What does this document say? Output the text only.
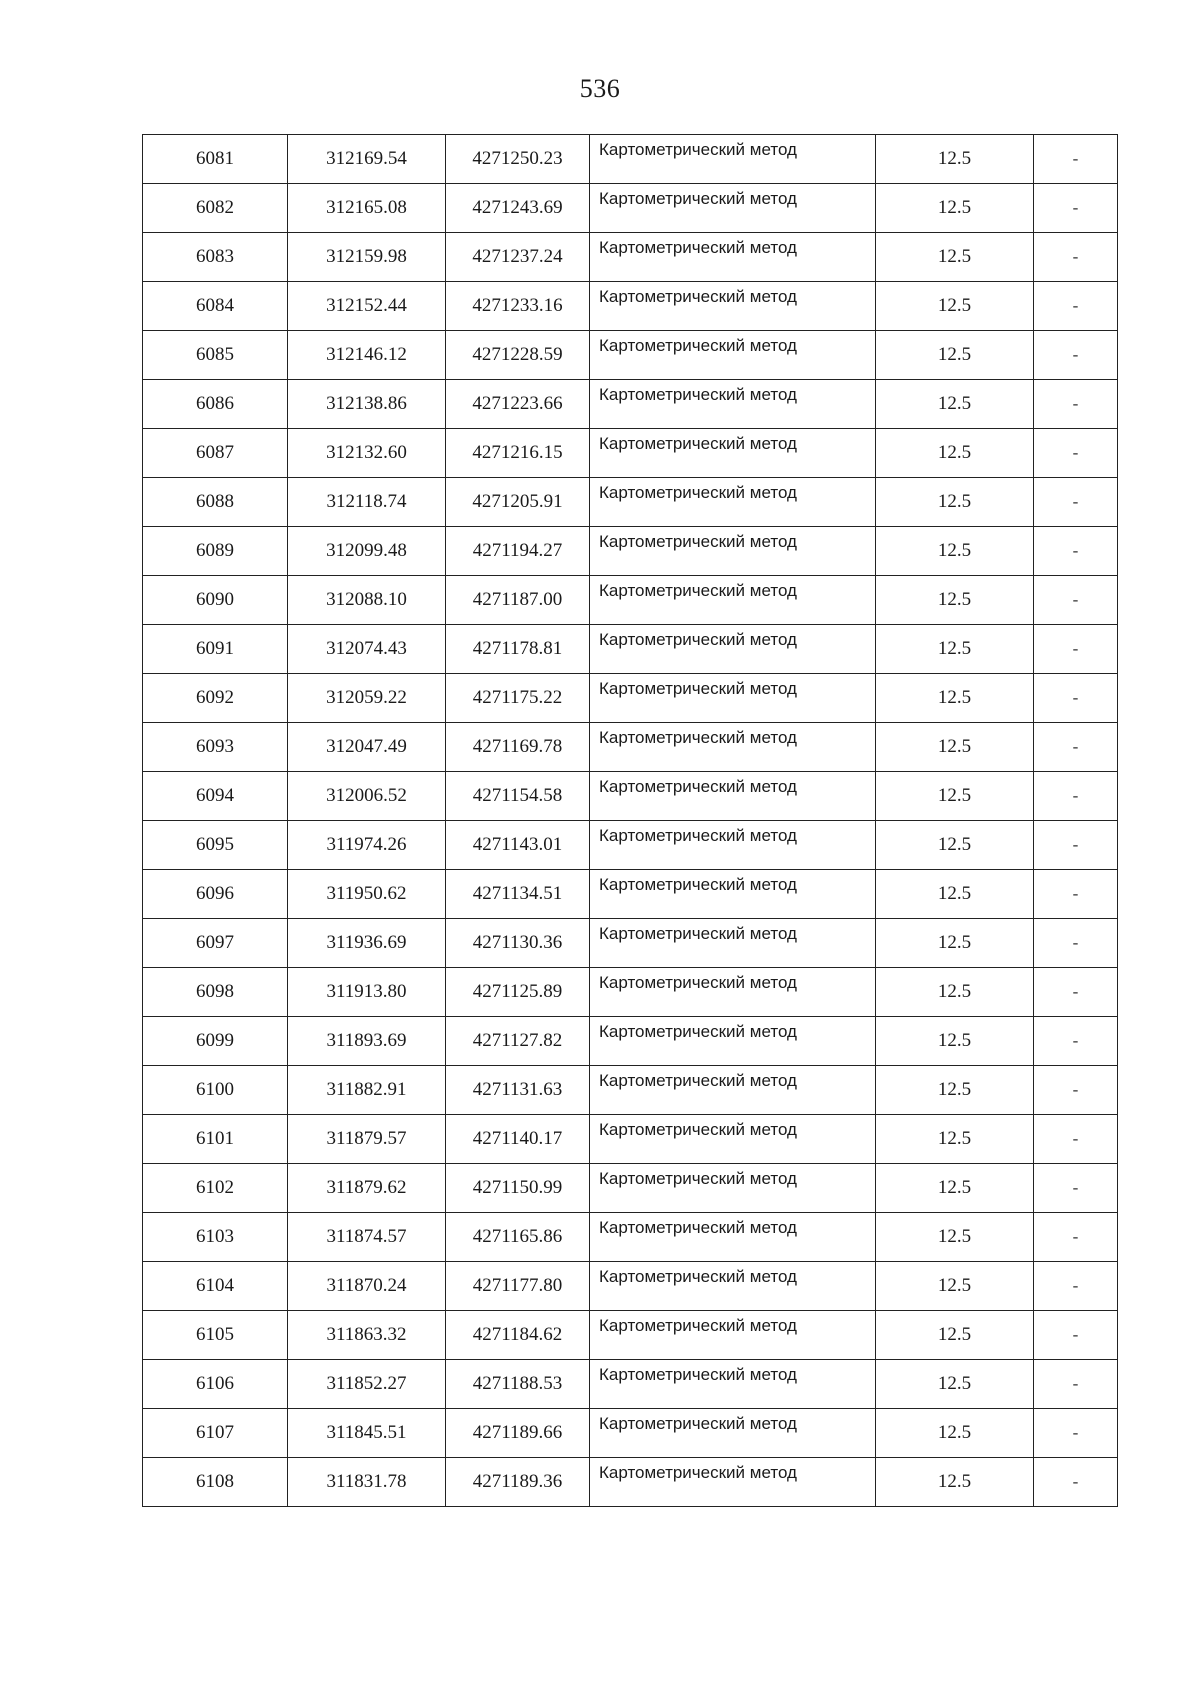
536
6081	312169.54	4271250.23	Картометрический метод	12.5	-
6082	312165.08	4271243.69	Картометрический метод	12.5	-
6083	312159.98	4271237.24	Картометрический метод	12.5	-
6084	312152.44	4271233.16	Картометрический метод	12.5	-
6085	312146.12	4271228.59	Картометрический метод	12.5	-
6086	312138.86	4271223.66	Картометрический метод	12.5	-
6087	312132.60	4271216.15	Картометрический метод	12.5	-
6088	312118.74	4271205.91	Картометрический метод	12.5	-
6089	312099.48	4271194.27	Картометрический метод	12.5	-
6090	312088.10	4271187.00	Картометрический метод	12.5	-
6091	312074.43	4271178.81	Картометрический метод	12.5	-
6092	312059.22	4271175.22	Картометрический метод	12.5	-
6093	312047.49	4271169.78	Картометрический метод	12.5	-
6094	312006.52	4271154.58	Картометрический метод	12.5	-
6095	311974.26	4271143.01	Картометрический метод	12.5	-
6096	311950.62	4271134.51	Картометрический метод	12.5	-
6097	311936.69	4271130.36	Картометрический метод	12.5	-
6098	311913.80	4271125.89	Картометрический метод	12.5	-
6099	311893.69	4271127.82	Картометрический метод	12.5	-
6100	311882.91	4271131.63	Картометрический метод	12.5	-
6101	311879.57	4271140.17	Картометрический метод	12.5	-
6102	311879.62	4271150.99	Картометрический метод	12.5	-
6103	311874.57	4271165.86	Картометрический метод	12.5	-
6104	311870.24	4271177.80	Картометрический метод	12.5	-
6105	311863.32	4271184.62	Картометрический метод	12.5	-
6106	311852.27	4271188.53	Картометрический метод	12.5	-
6107	311845.51	4271189.66	Картометрический метод	12.5	-
6108	311831.78	4271189.36	Картометрический метод	12.5	-
